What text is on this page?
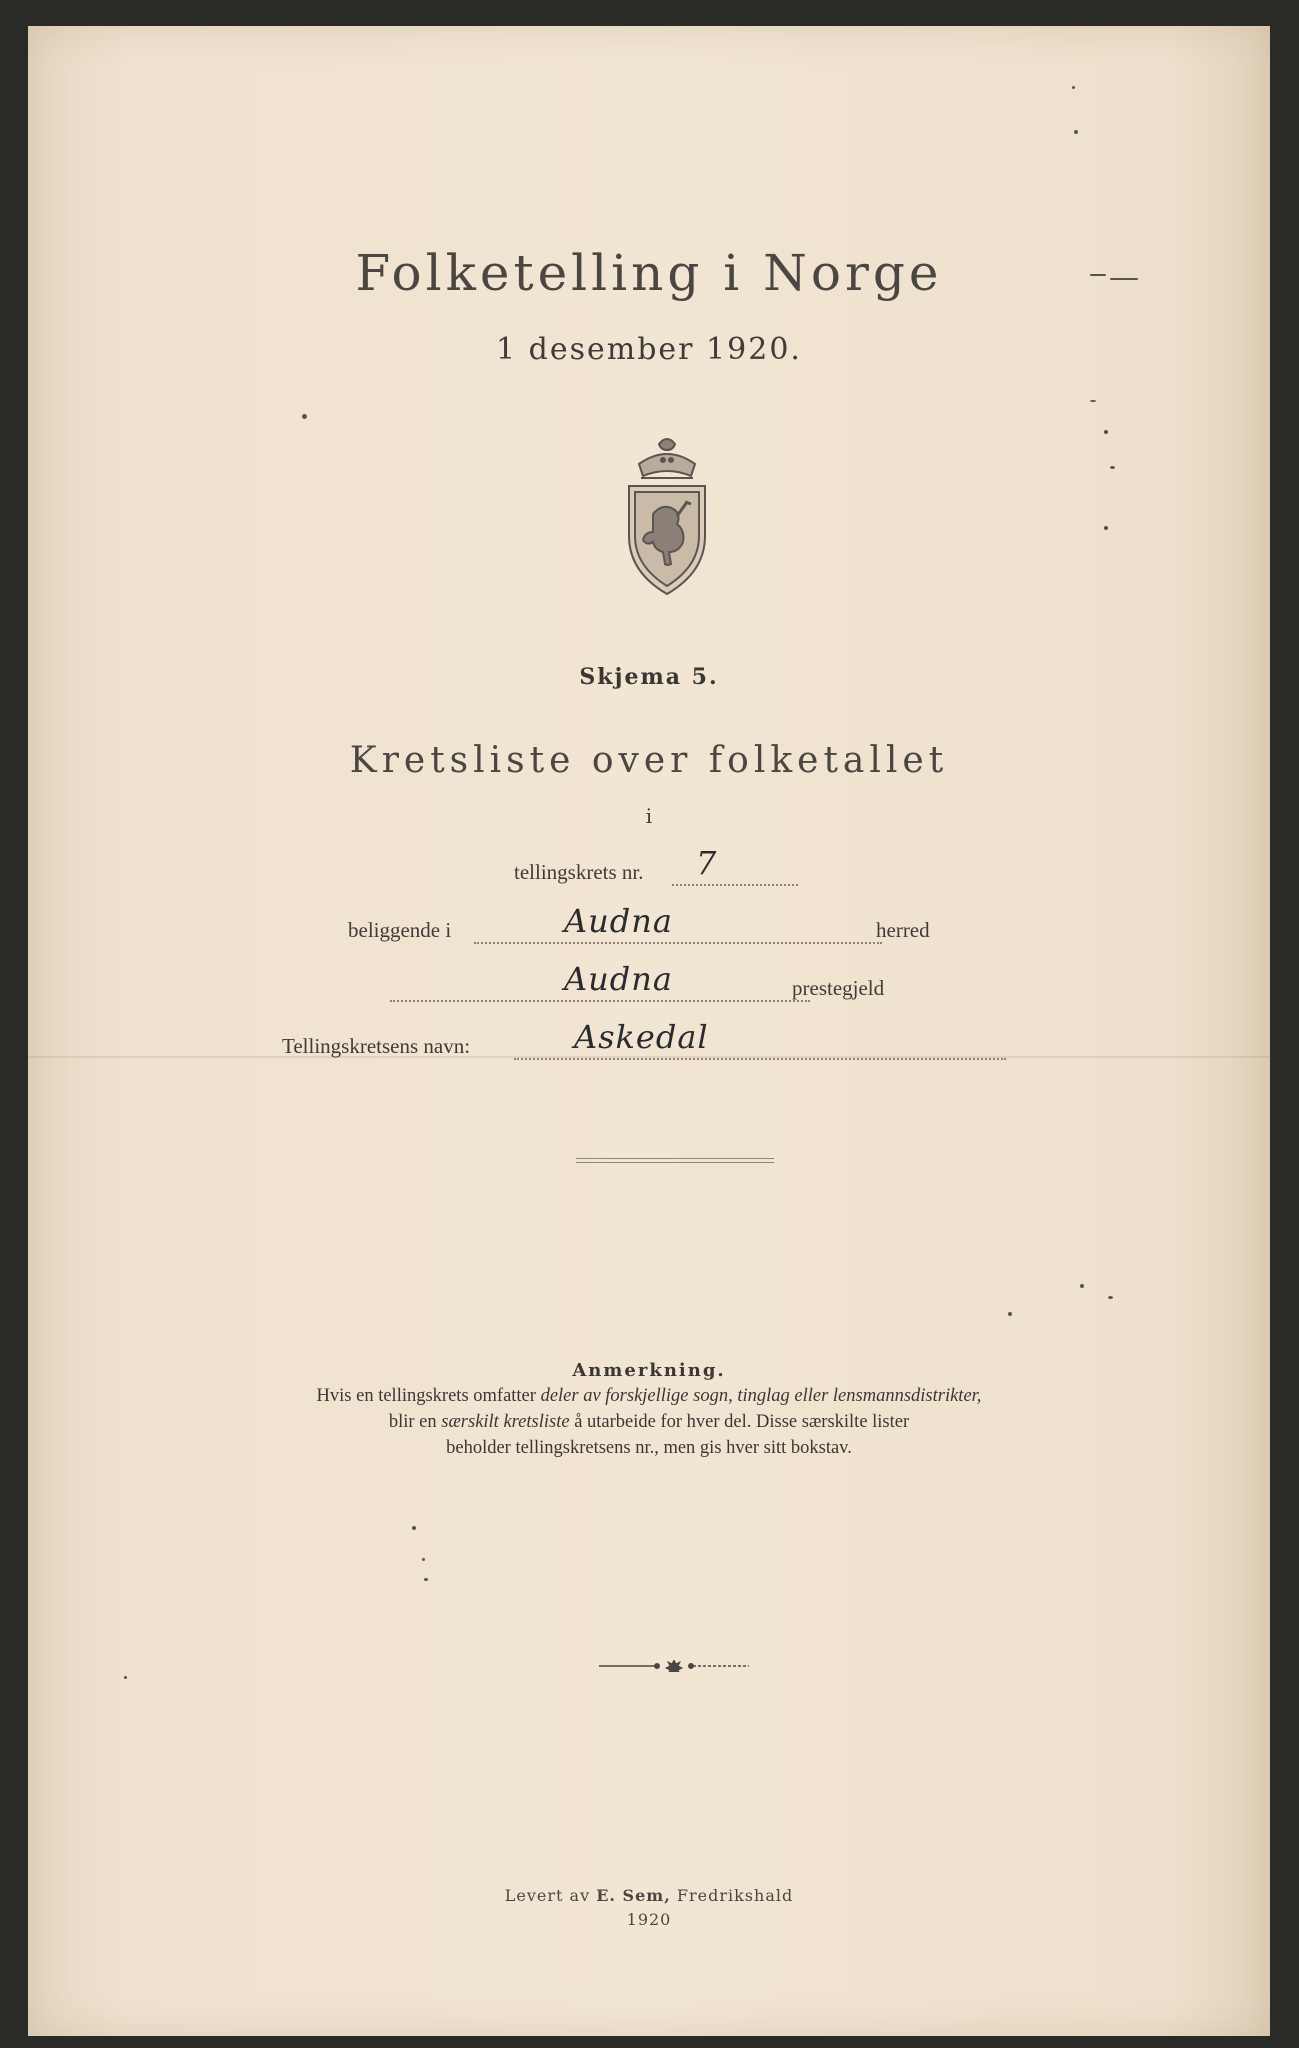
Folketelling i Norge
1 desember 1920.
Skjema 5.
Kretsliste over folketallet
i
tellingskrets nr. 7
beliggende i	Audna	herred
Audna	prestegjeld
Tellingskretsens navn:	Askedal
Anmerkning.
Hvis en tellingskrets omfatter deler av forskjellige sogn, tinglag eller lensmannsdistrikter,
blir en særskilt kretsliste å utarbeide for hver del. Disse særskilte lister
beholder tellingskretsens nr., men gis hver sitt bokstav.
Levert av E. Sem, Fredrikshald
1920
